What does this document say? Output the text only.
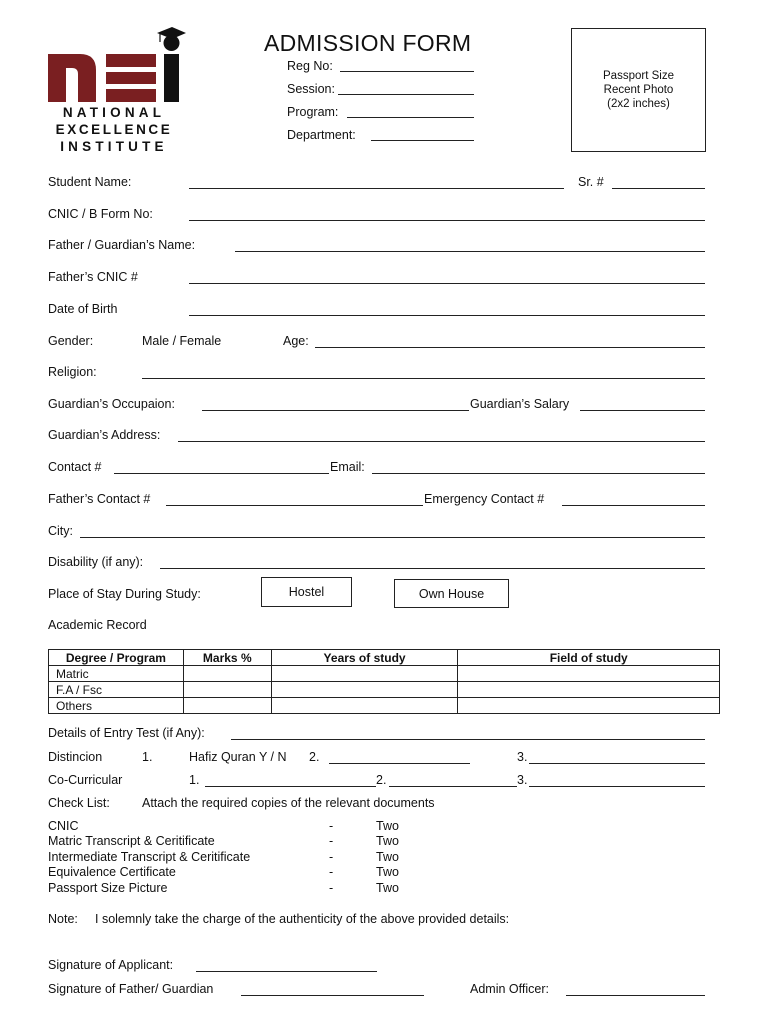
NATIONAL
EXCELLENCE
INSTITUTE
ADMISSION FORM
Reg No:
Session:
Program:
Department:
Passport Size
Recent Photo
(2x2 inches)
Student Name:	Sr. #
CNIC / B Form No:
Father / Guardian’s Name:
Father’s CNIC #
Date of Birth
Gender:	Male / Female	Age:
Religion:
Guardian’s Occupaion:	Guardian’s Salary
Guardian’s Address:
Contact #	Email:
Father’s Contact #	Emergency Contact #
City:
Disability (if any):
Place of Stay During Study:	Hostel	Own House
Academic Record
Degree / Program	Marks %	Years of study	Field of study
Matric			
F.A / Fsc			
Others			
Details of Entry Test (if Any):
Distincion	1.	Hafiz Quran Y / N 2.	3.
Co-Curricular	1.	2.	3.
Check List:	Attach the required copies of the relevant documents
CNIC	-	Two
Matric Transcript & Ceritificate	-	Two
Intermediate Transcript & Ceritificate	-	Two
Equivalence Certificate	-	Two
Passport Size Picture	-	Two
Note: I solemnly take the charge of the authenticity of the above provided details:
Signature of Applicant:
Signature of Father/ Guardian	Admin Officer:
